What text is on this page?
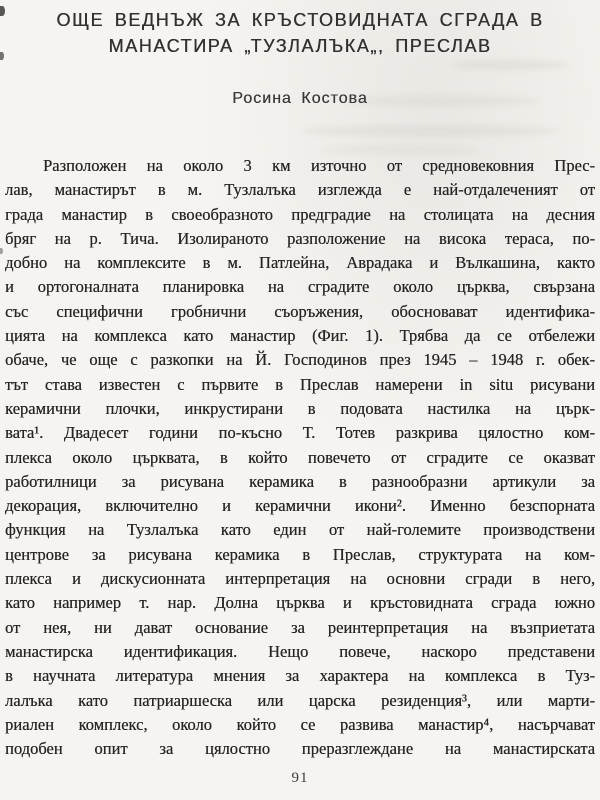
ОЩЕ ВЕДНЪЖ ЗА КРЪСТОВИДНАТА СГРАДА В
МАНАСТИРА „ТУЗЛАЛЪКА„, ПРЕСЛАВ
Росина Костова
Разположен на около 3 км източно от средновековния Прес-
лав, манастирът в м. Тузлалъка изглежда е най-отдалеченият от
града манастир в своеобразното предградие на столицата на десния
бряг на р. Тича. Изолираното разположение на висока тераса, по-
добно на комплексите в м. Патлейна, Аврадака и Вълкашина, както
и ортогоналната планировка на сградите около църква, свързана
със специфични гробнични съоръжения, обосновават идентифика-
цията на комплекса като манастир (Фиг. 1). Трябва да се отбележи
обаче, че още с разкопки на Й. Господинов през 1945 – 1948 г. обек-
тът става известен с първите в Преслав намерени in situ рисувани
керамични плочки, инкрустирани в подовата настилка на църк-
вата¹. Двадесет години по-късно Т. Тотев разкрива цялостно ком-
плекса около църквата, в който повечето от сградите се оказват
работилници за рисувана керамика в разнообразни артикули за
декорация, включително и керамични икони². Именно безспорната
функция на Тузлалъка като един от най-големите производствени
центрове за рисувана керамика в Преслав, структурата на ком-
плекса и дискусионната интерпретация на основни сгради в него,
като например т. нар. Долна църква и кръстовидната сграда южно
от нея, ни дават основание за реинтерпретация на възприетата
манастирска идентификация. Нещо повече, наскоро представени
в научната литература мнения за характера на комплекса в Туз-
лалъка като патриаршеска или царска резиденция³, или марти-
риален комплекс, около който се развива манастир⁴, насърчават
подобен опит за цялостно преразглеждане на манастирската
91
